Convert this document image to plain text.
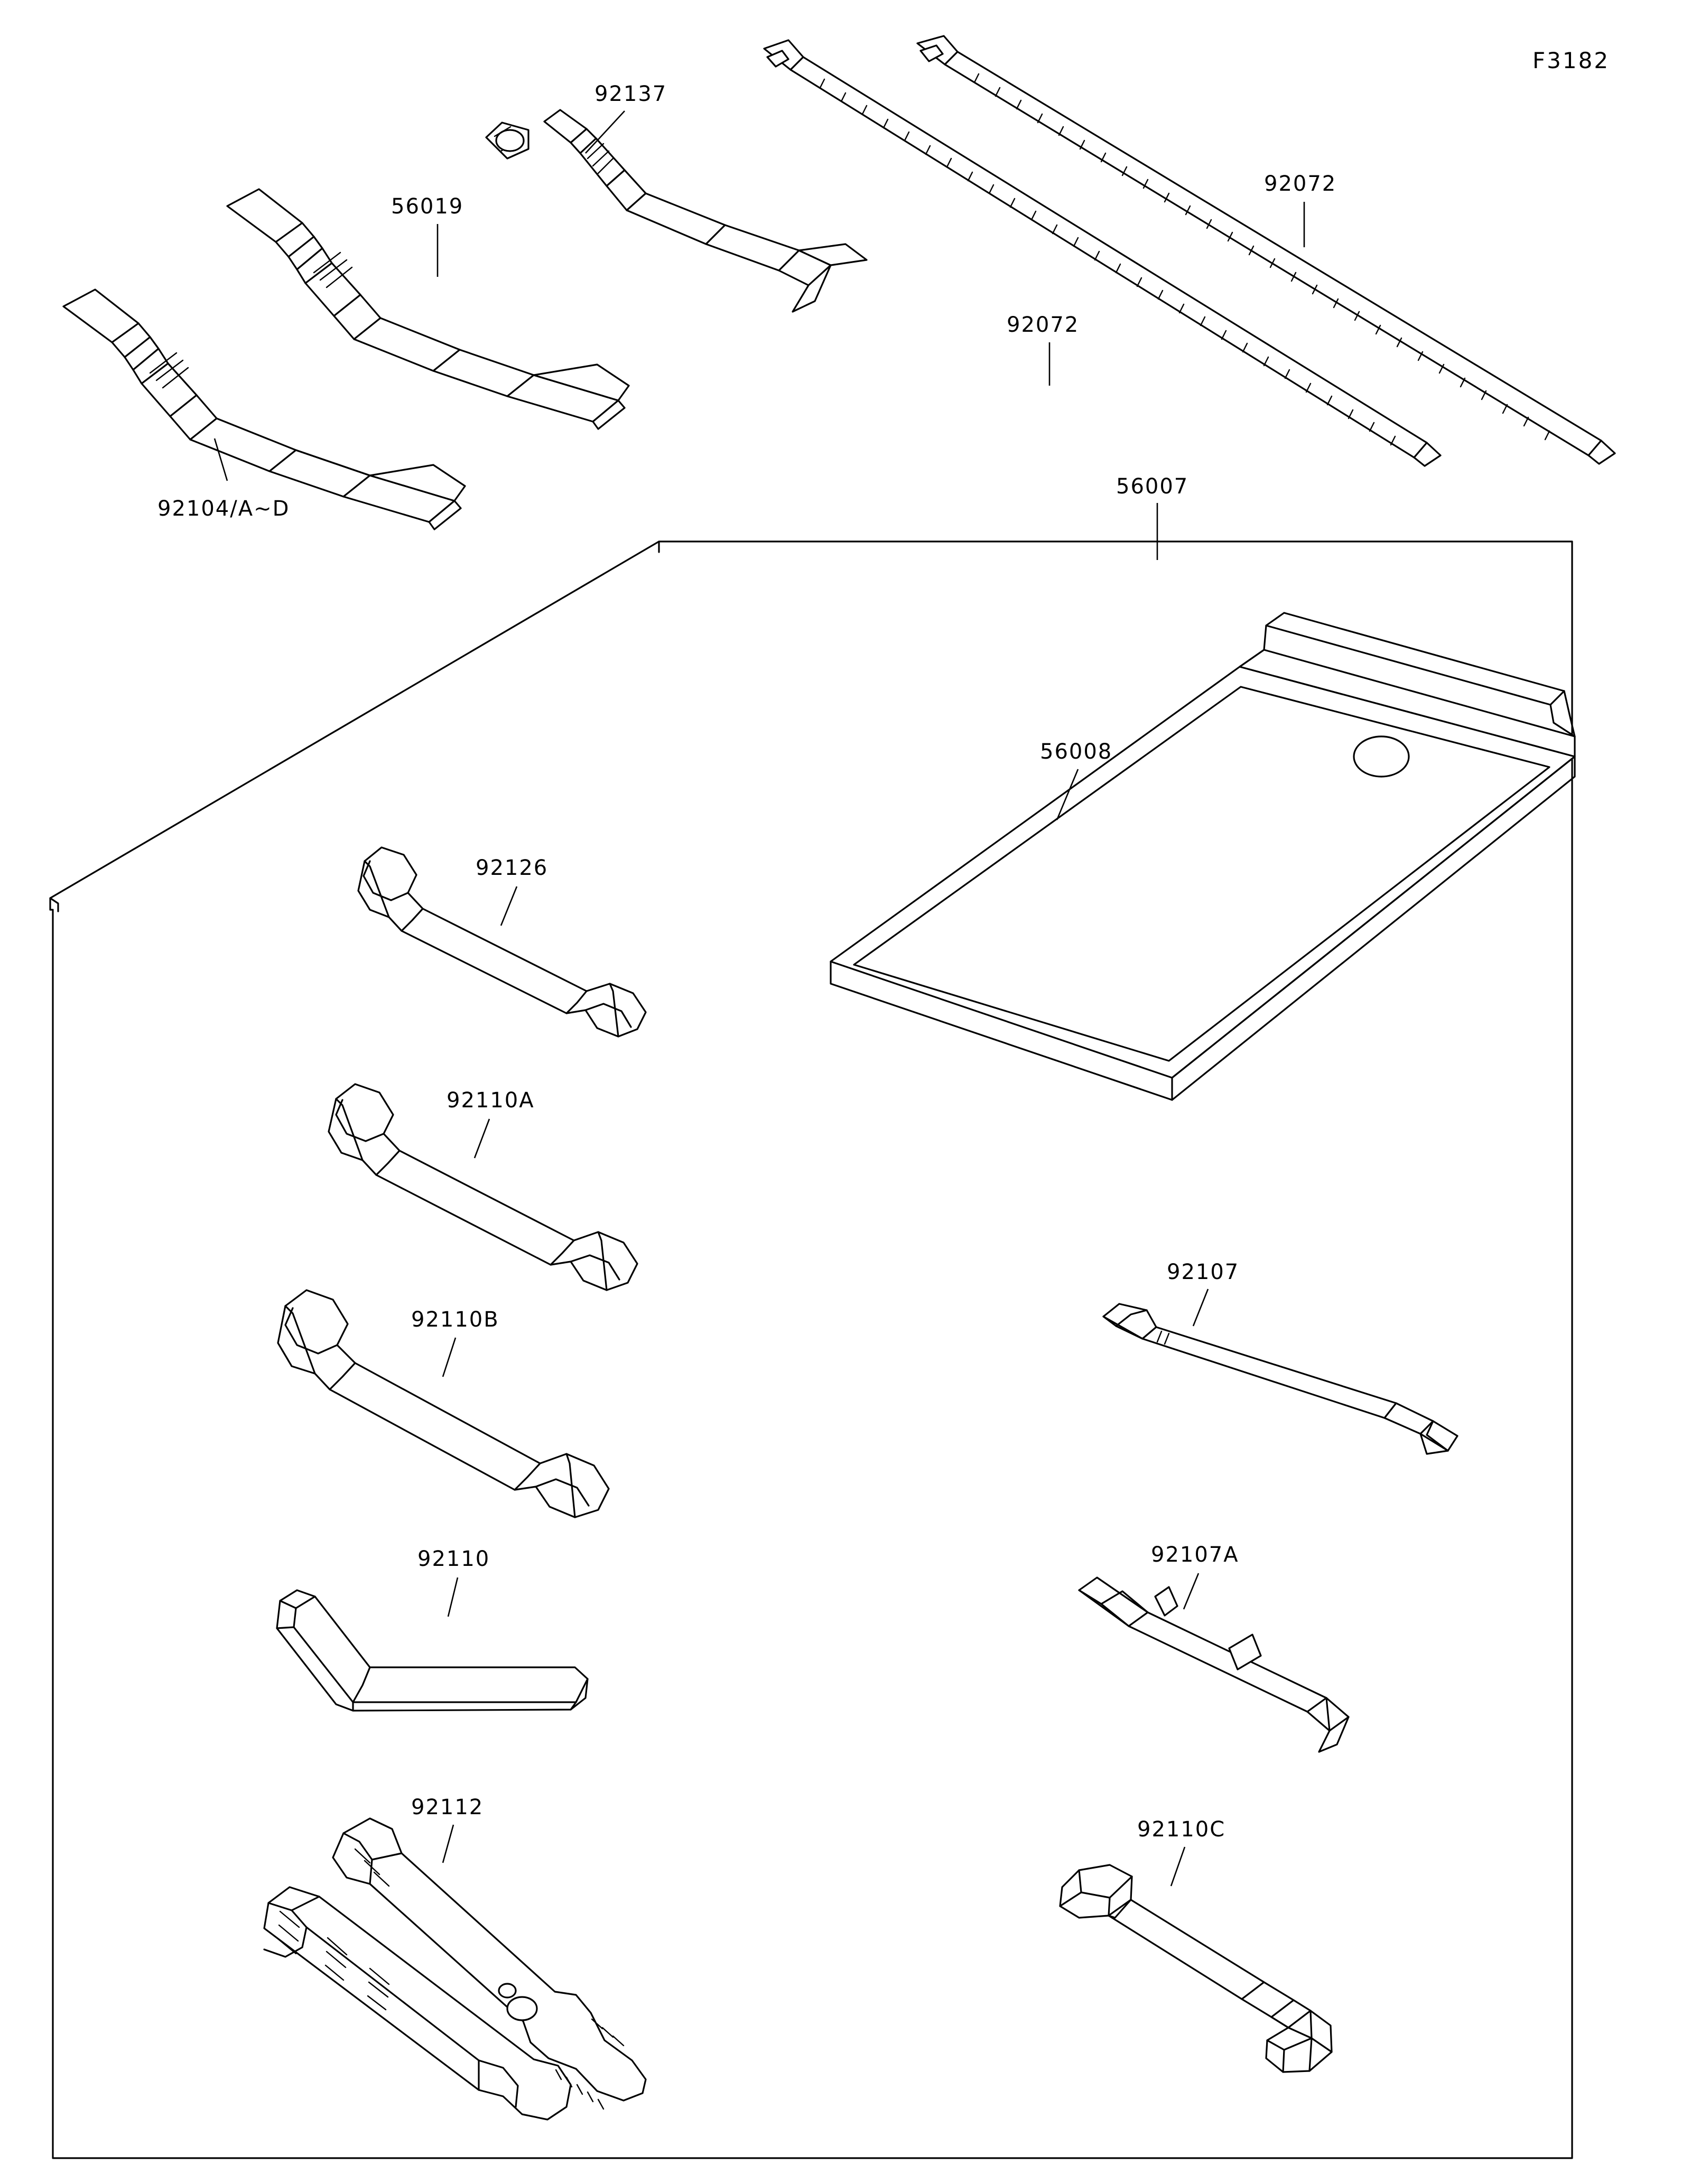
F3182
92137
56019
92104/A~D
92072
92072
56007
56008
92126
92110A
92110B
92110
92112
92107
92107A
92110C
